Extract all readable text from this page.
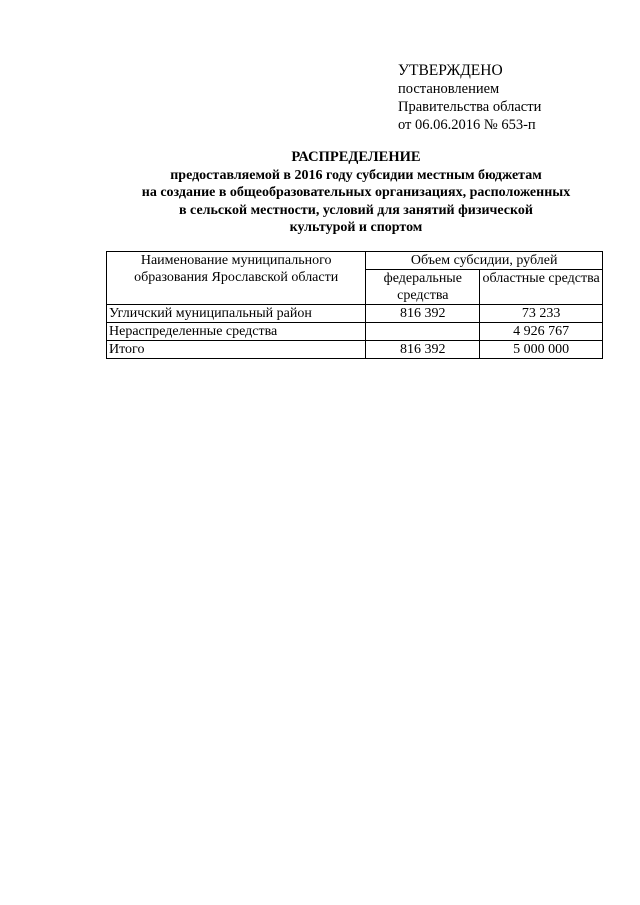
УТВЕРЖДЕНО
постановлением
Правительства области
от 06.06.2016 № 653-п
РАСПРЕДЕЛЕНИЕ
предоставляемой в 2016 году субсидии местным бюджетам
на создание в общеобразовательных организациях, расположенных
в сельской местности, условий для занятий физической
культурой и спортом
Наименование муниципального образования Ярославской области	Объем субсидии, рублей	
	федеральные средства	областные средства
Угличский муниципальный район	816 392	73 233
Нераспределенные средства		4 926 767
Итого	816 392	5 000 000
